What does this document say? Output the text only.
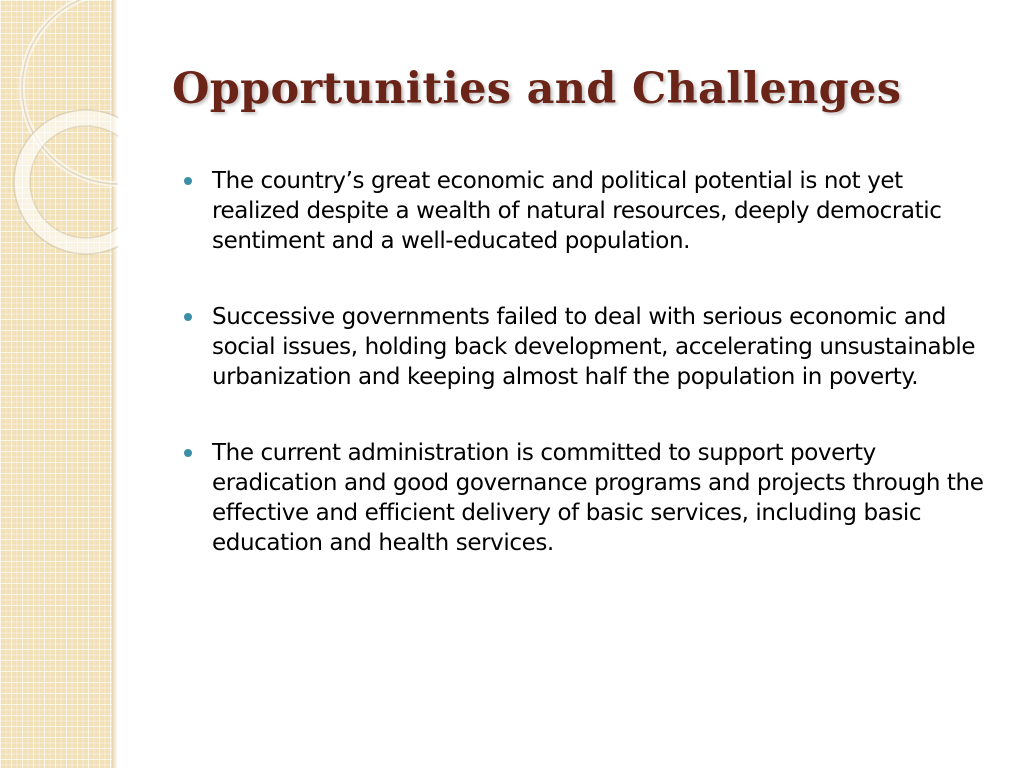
Opportunities and Challenges
The country’s great economic and political potential is not yet realized despite a wealth of natural resources, deeply democratic sentiment and a well-educated population.
Successive governments failed to deal with serious economic and social issues, holding back development, accelerating unsustainable urbanization and keeping almost half the population in poverty.
The current administration is committed to support poverty eradication and good governance programs and projects through the effective and efficient delivery of basic services, including basic education and health services.
